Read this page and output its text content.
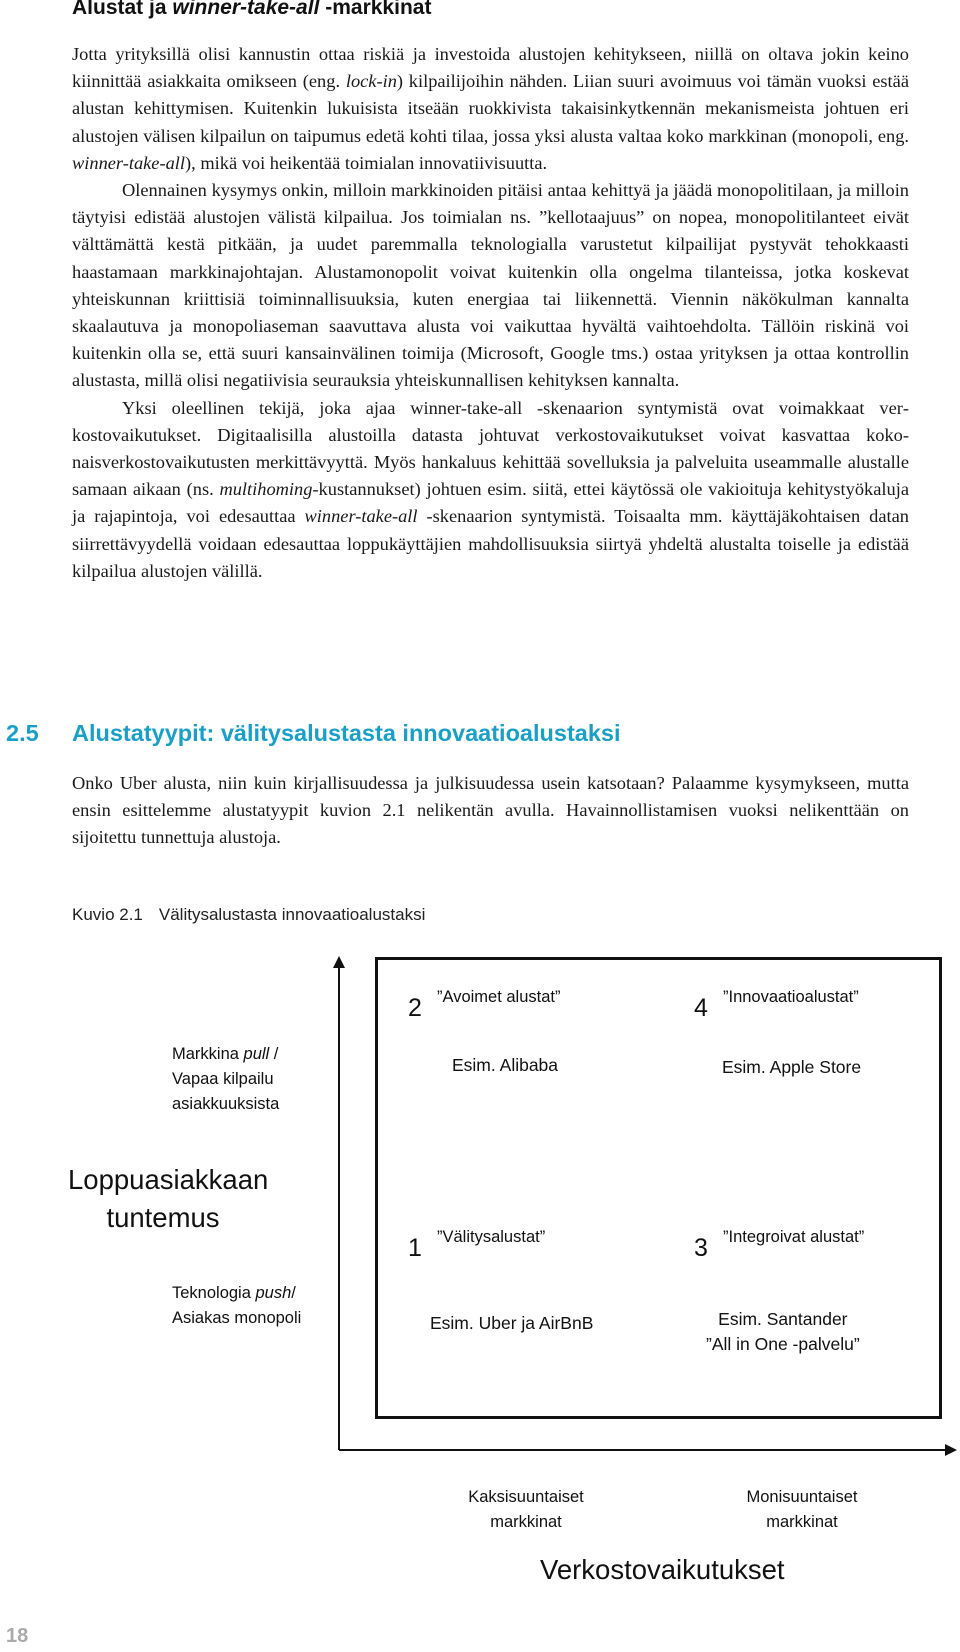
Alustat ja winner-take-all -markkinat

Jotta yrityksillä olisi kannustin ottaa riskiä ja investoida alustojen kehitykseen, niillä on oltava jokin keino kiinnittää asiakkaita omikseen (eng. lock-in) kilpailijoihin nähden. Liian suuri avoimuus voi tämän vuoksi estää alustan kehittymisen. Kuitenkin lukuisista itseään ruokkivista takaisinkytkennän mekanismeista johtuen eri alustojen välisen kilpailun on taipumus edetä kohti tilaa, jossa yksi alusta valtaa koko markkinan (monopoli, eng. winner-take-all), mikä voi heikentää toimialan innovatiivisuutta.

Olennainen kysymys onkin, milloin markkinoiden pitäisi antaa kehittyä ja jäädä monopolitilaan, ja milloin täytyisi edistää alustojen välistä kilpailua. Jos toimialan ns. ”kellotaajuus” on nopea, monopolitilanteet eivät välttämättä kestä pitkään, ja uudet paremmalla teknologialla varustetut kilpailijat pystyvät tehokkaasti haastamaan markkinajohtajan. Alustamonopolit voivat kuitenkin olla ongelma tilanteissa, jotka koskevat yhteiskunnan kriittisiä toiminnallisuuksia, kuten energiaa tai liikennettä. Viennin näkökulman kannalta skaalautuva ja monopoliaseman saavuttava alusta voi vaikuttaa hyvältä vaihtoehdolta. Tällöin riskinä voi kuitenkin olla se, että suuri kansainvälinen toimija (Microsoft, Google tms.) ostaa yrityksen ja ottaa kontrollin alustasta, millä olisi negatiivisia seurauksia yhteiskunnallisen kehityksen kannalta.

Yksi oleellinen tekijä, joka ajaa winner-take-all -skenaarion syntymistä ovat voimakkaat verkostovaikutukset. Digitaalisilla alustoilla datasta johtuvat verkostovaikutukset voivat kasvattaa kokonaisverkostovaikutusten merkittävyyttä. Myös hankaluus kehittää sovelluksia ja palveluita useammalle alustalle samaan aikaan (ns. multihoming-kustannukset) johtuen esim. siitä, ettei käytössä ole vakioituja kehitystyökaluja ja rajapintoja, voi edesauttaa winner-take-all -skenaarion syntymistä. Toisaalta mm. käyttäjäkohtaisen datan siirrettävyydellä voidaan edesauttaa loppukäyttäjien mahdollisuuksia siirtyä yhdeltä alustalta toiselle ja edistää kilpailua alustojen välillä.

2.5 Alustatyypit: välitysalustasta innovaatioalustaksi

Onko Uber alusta, niin kuin kirjallisuudessa ja julkisuudessa usein katsotaan? Palaamme kysymykseen, mutta ensin esittelemme alustatyypit kuvion 2.1 nelikentän avulla. Havainnollistamisen vuoksi nelikenttään on sijoitettu tunnettuja alustoja.

Kuvio 2.1 Välitysalustasta innovaatioalustaksi
2 ”Avoimet alustat”
Esim. Alibaba
4 ”Innovaatioalustat”
Esim. Apple Store
1 ”Välitysalustat”
Esim. Uber ja AirBnB
3 ”Integroivat alustat”
Esim. Santander
”All in One -palvelu”
Markkina pull /
Vapaa kilpailu
asiakkuuksista
Loppuasiakkaan
tuntemus
Teknologia push/
Asiakas monopoli
Kaksisuuntaiset
markkinat
Monisuuntaiset
markkinat
Verkostovaikutukset
18
